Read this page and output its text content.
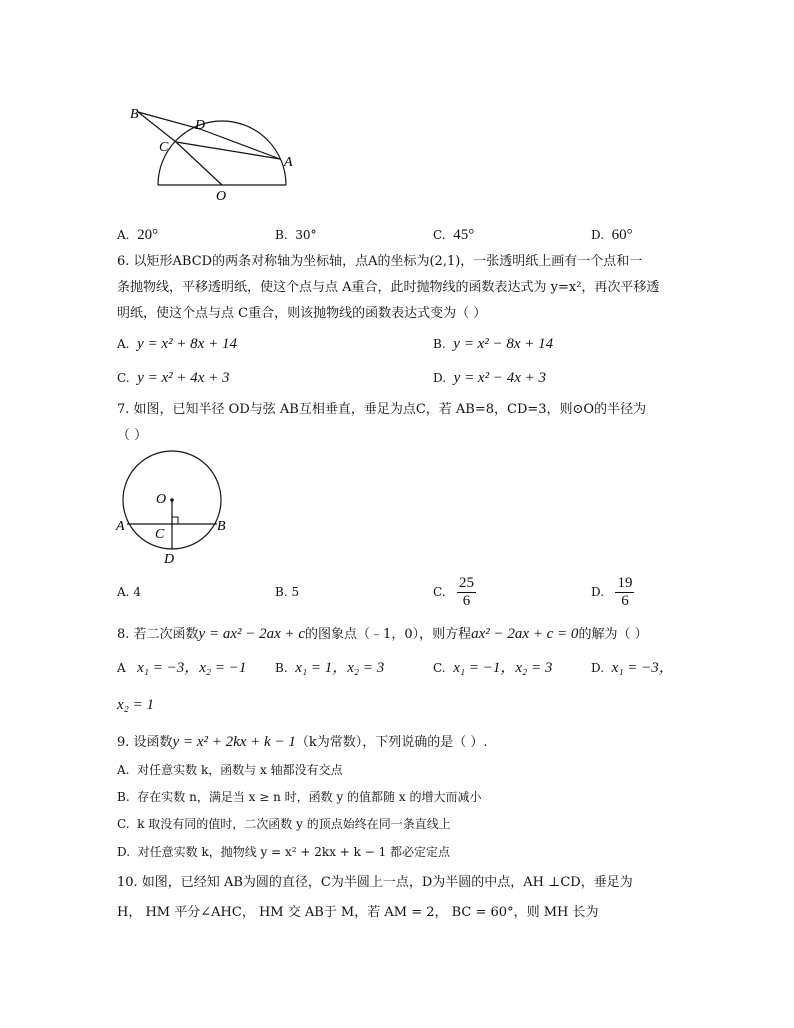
B
D
C
A
O
A. 20°	B. 30°	C. 45°	D. 60°
6. 以矩形ABCD的两条对称轴为坐标轴，点A的坐标为(2,1)，一张透明纸上画有一个点和一
条抛物线，平移透明纸，使这个点与点 A重合，此时抛物线的函数表达式为 y=x²，再次平移透
明纸，使这个点与点 C重合，则该抛物线的函数表达式变为（ ）
A. y = x² + 8x + 14	B. y = x² − 8x + 14
C. y = x² + 4x + 3	D. y = x² − 4x + 3
7. 如图，已知半径 OD与弦 AB互相垂直，垂足为点C，若 AB=8，CD=3，则⊙O的半径为
（ ）
O
A	B
C
D
A. 4	B. 5	C. $\frac{25}{6}$	D. $\frac{19}{6}$
8. 若二次函数y = ax² − 2ax + c的图象点（﹣1，0），则方程ax² − 2ax + c = 0的解为（ ）
A x₁ = −3，x₂ = −1 B. x₁ = 1，x₂ = 3	C. x₁ = −1，x₂ = 3	D. x₁ = −3，
x₂ = 1
9. 设函数y = x² + 2kx + k − 1（k为常数），下列说确的是（ ）.
A. 对任意实数 k，函数与 x 轴都没有交点
B. 存在实数 n，满足当 x ≥ n 时，函数 y 的值都随 x 的增大而减小
C. k 取没有同的值时，二次函数 y 的顶点始终在同一条直线上
D. 对任意实数 k，抛物线 y = x² + 2kx + k − 1 都必定定点
10. 如图，已经知 AB为圆的直径，C为半圆上一点，D为半圆的中点，AH ⊥CD，垂足为
H， HM 平分∠AHC， HM 交 AB于 M，若 AM = 2， BC = 60°，则 MH 长为
